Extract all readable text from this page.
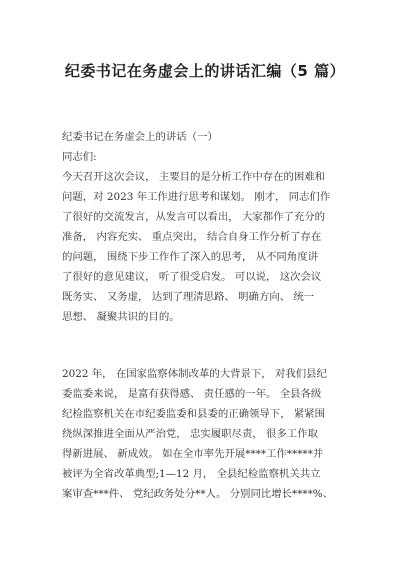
纪委书记在务虚会上的讲话汇编（5 篇）
纪委书记在务虚会上的讲话（一）
同志们:
今天召开这次会议， 主要目的是分析工作中存在的困难和
问题，对 2023 年工作进行思考和谋划。 刚才， 同志们作
了很好的交流发言，从发言可以看出， 大家都作了充分的
准备， 内容充实、 重点突出， 结合自身工作分析了存在
的问题， 围绕下步工作作了深入的思考， 从不同角度讲
了很好的意见建议， 听了很受启发。 可以说， 这次会议
既务实、 又务虚， 达到了理清思路、 明确方向、 统一
思想、 凝聚共识的目的。
2022 年， 在国家监察体制改革的大背景下， 对我们县纪
委监委来说， 是富有获得感、 责任感的一年。 全县各级
纪检监察机关在市纪委监委和县委的正确领导下， 紧紧围
绕纵深推进全面从严治党， 忠实履职尽责， 很多工作取
得新进展、 新成效。 如在全市率先开展****工作*****并
被评为全省改革典型;1—12 月， 全县纪检监察机关共立
案审查***件、 党纪政务处分**人。 分别同比增长****%、
